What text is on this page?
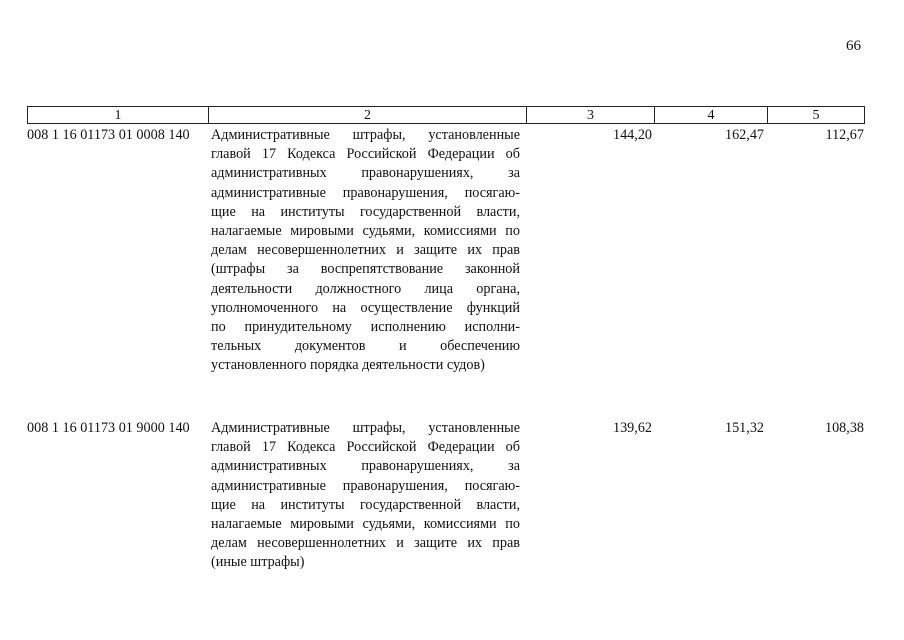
66
1	2	3	4	5
008 1 16 01173 01 0008 140 Административные штрафы, установленные
главой 17 Кодекса Российской Федерации об
административных правонарушениях, за
административные правонарушения, посягаю-
щие на институты государственной власти,
налагаемые мировыми судьями, комиссиями по
делам несовершеннолетних и защите их прав
(штрафы за воспрепятствование законной
деятельности должностного лица органа,
уполномоченного на осуществление функций
по принудительному исполнению исполни-
тельных документов и обеспечению
установленного порядка деятельности судов)
144,20	162,47	112,67
008 1 16 01173 01 9000 140 Административные штрафы, установленные
главой 17 Кодекса Российской Федерации об
административных правонарушениях, за
административные правонарушения, посягаю-
щие на институты государственной власти,
налагаемые мировыми судьями, комиссиями по
делам несовершеннолетних и защите их прав
(иные штрафы)
139,62	151,32	108,38
